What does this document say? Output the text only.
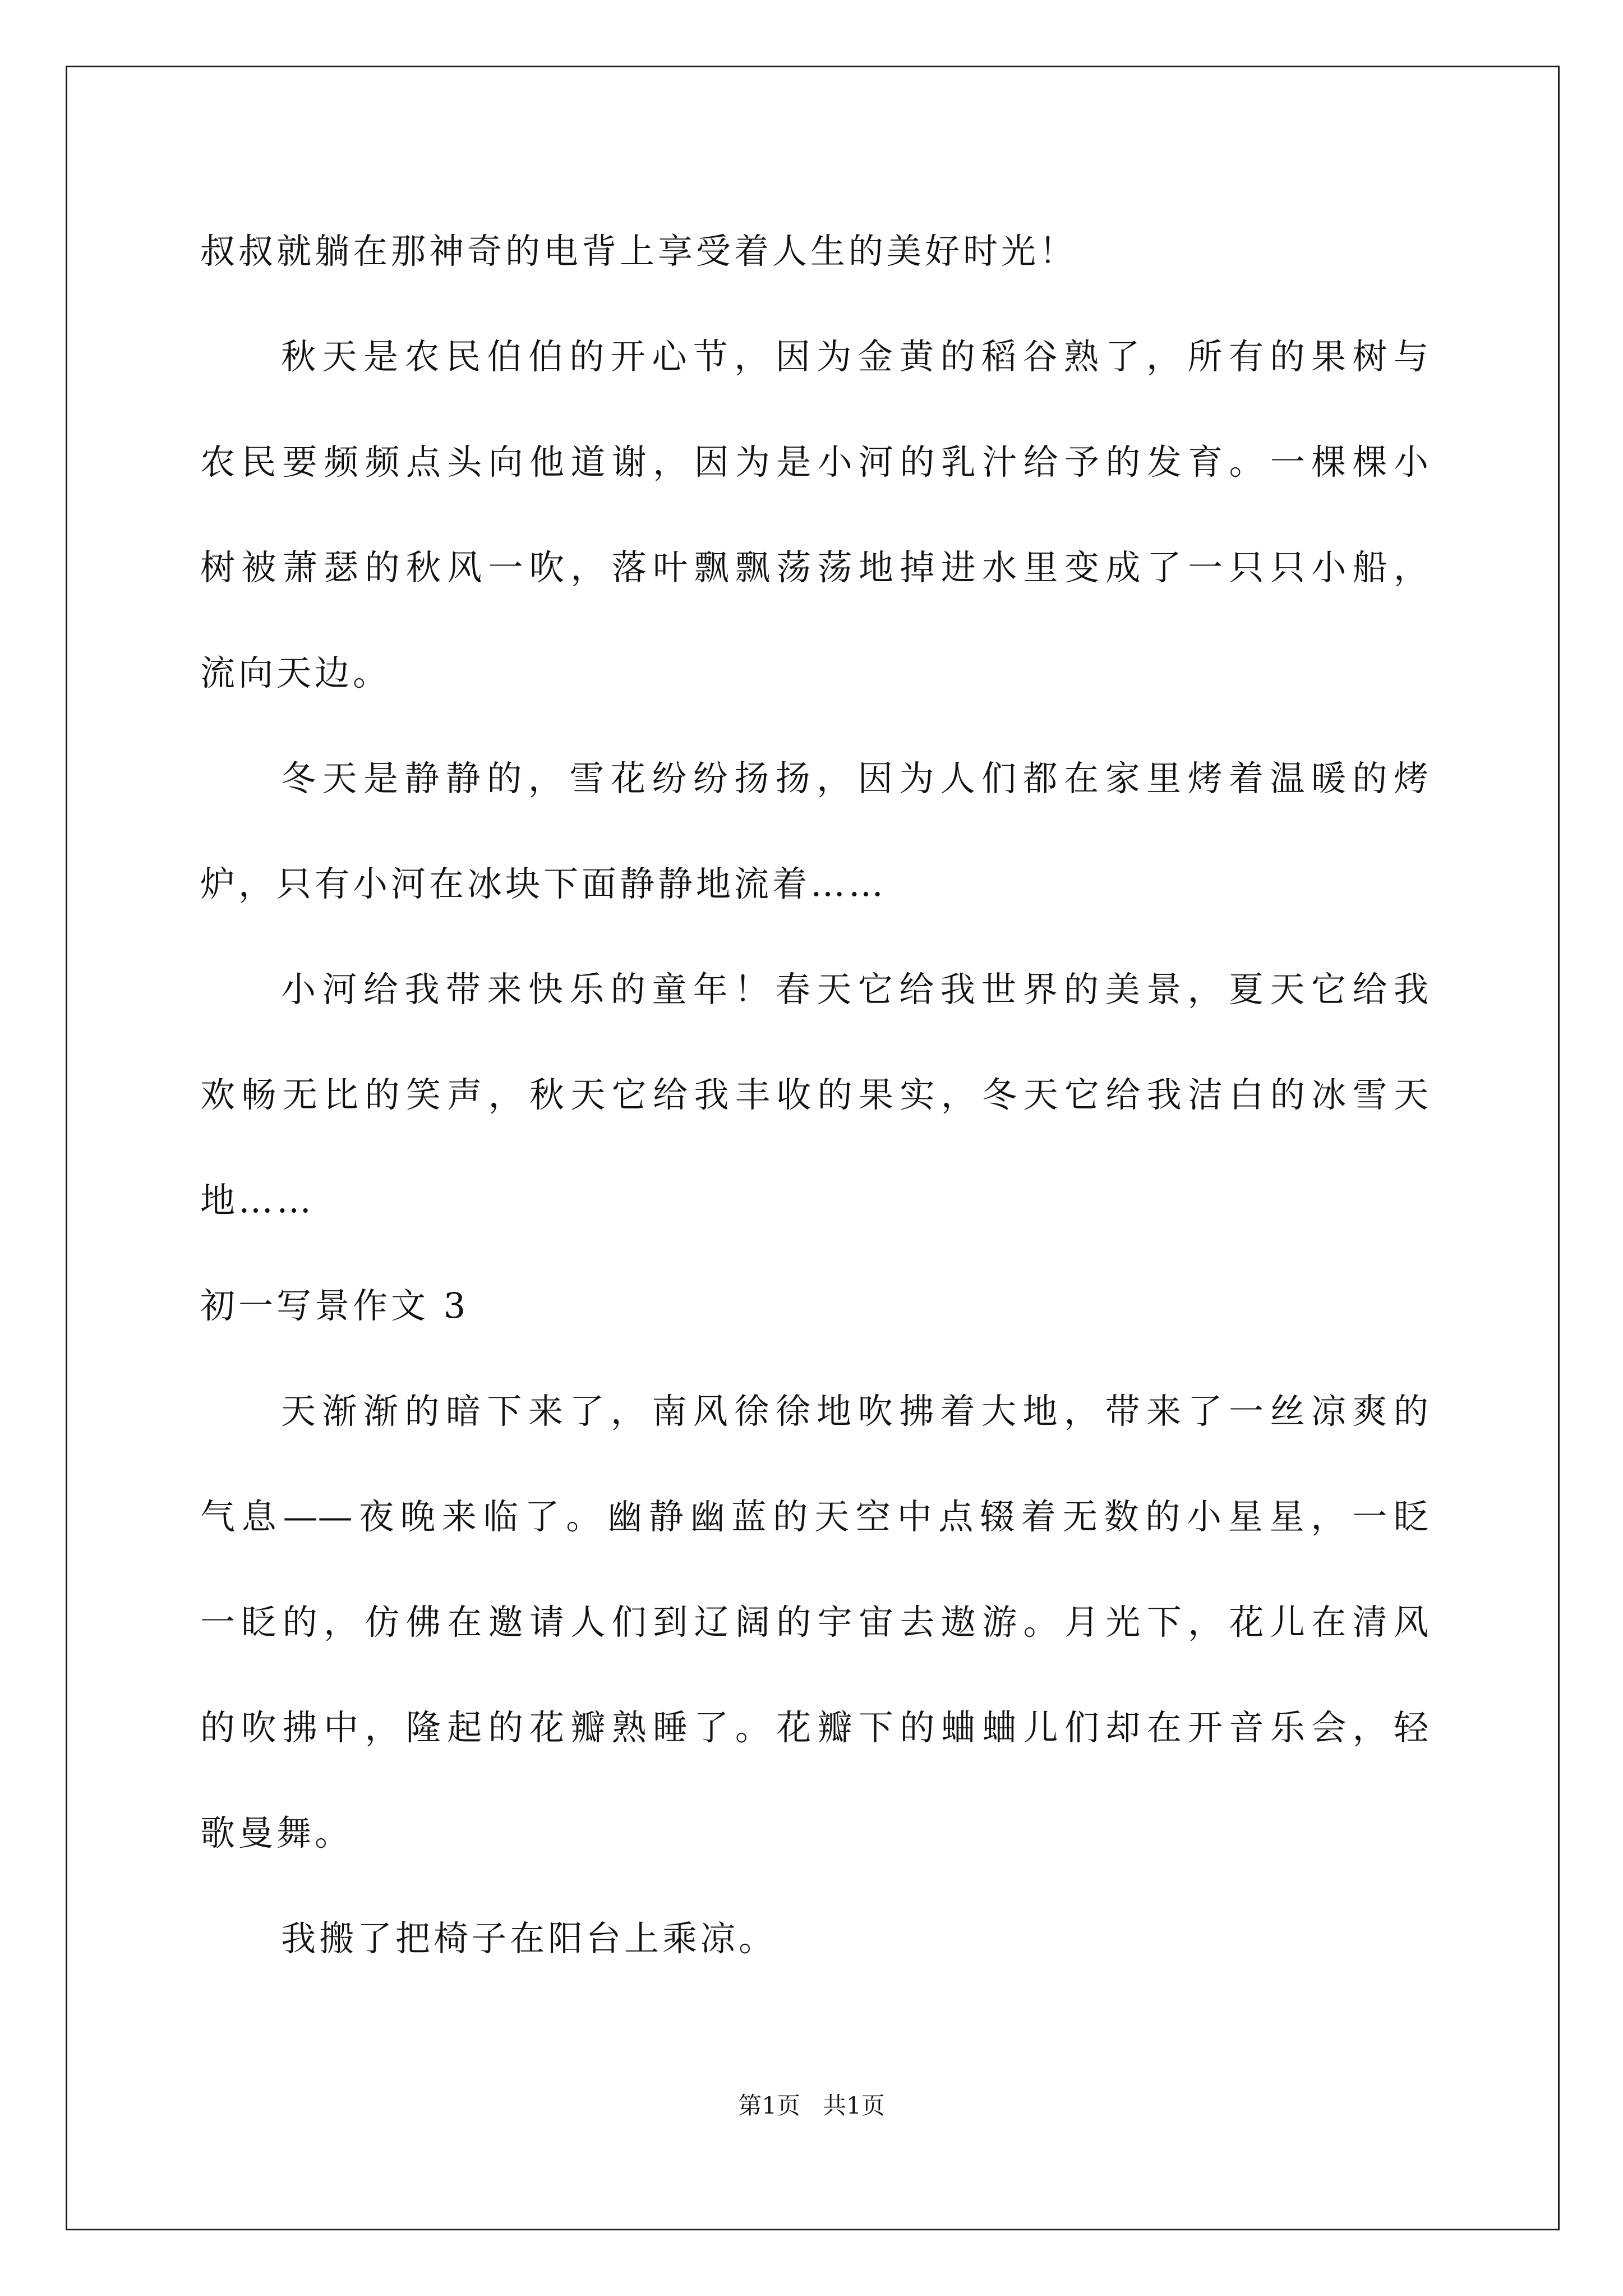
叔叔就躺在那神奇的电背上享受着人生的美好时光！
秋天是农民伯伯的开心节，因为金黄的稻谷熟了，所有的果树与
农民要频频点头向他道谢，因为是小河的乳汁给予的发育。一棵棵小
树被萧瑟的秋风一吹，落叶飘飘荡荡地掉进水里变成了一只只小船，
流向天边。
冬天是静静的，雪花纷纷扬扬，因为人们都在家里烤着温暖的烤
炉，只有小河在冰块下面静静地流着……
小河给我带来快乐的童年！春天它给我世界的美景，夏天它给我
欢畅无比的笑声，秋天它给我丰收的果实，冬天它给我洁白的冰雪天
地……
初一写景作文 3
天渐渐的暗下来了，南风徐徐地吹拂着大地，带来了一丝凉爽的
气息——夜晚来临了。幽静幽蓝的天空中点辍着无数的小星星，一眨
一眨的，仿佛在邀请人们到辽阔的宇宙去遨游。月光下，花儿在清风
的吹拂中，隆起的花瓣熟睡了。花瓣下的蛐蛐儿们却在开音乐会，轻
歌曼舞。
我搬了把椅子在阳台上乘凉。
第1页   共1页
